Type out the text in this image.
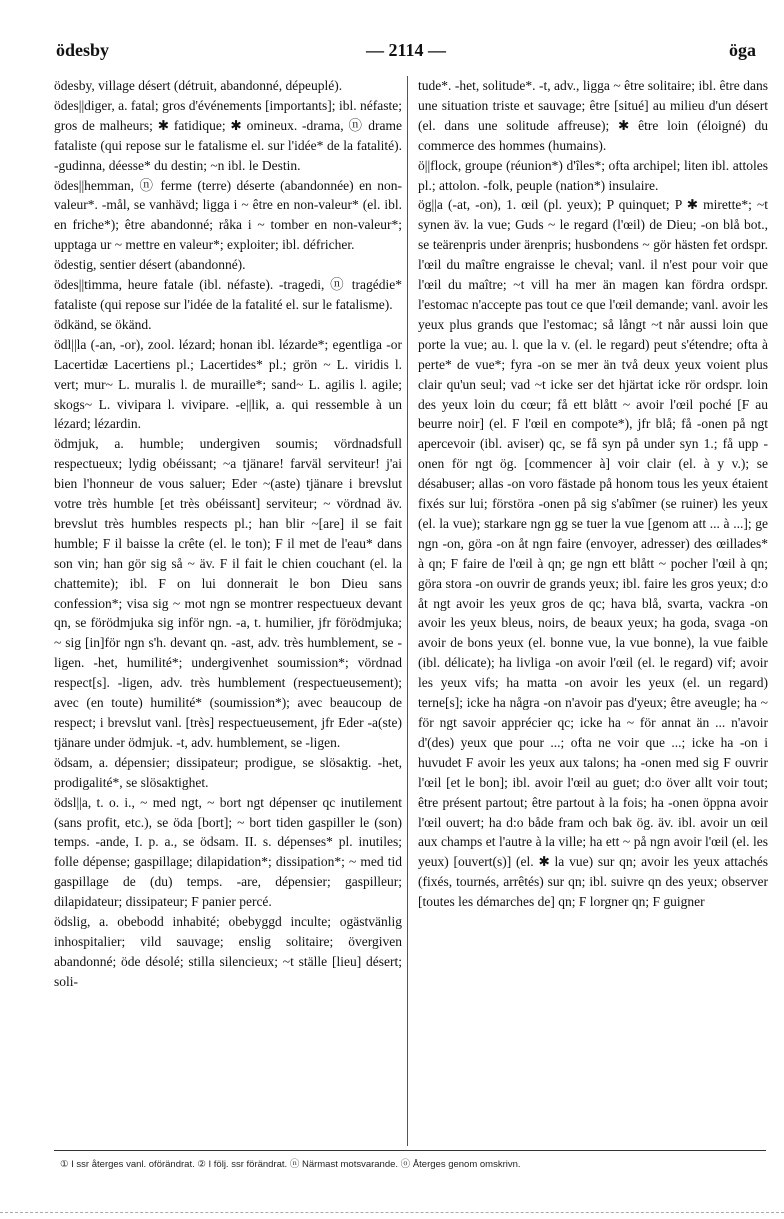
ödesby	— 2114 —	öga

ödesby, village désert (détruit, abandonné, dépeuplé).

ödes||diger, a. fatal; gros d'événements [importants]; ibl. néfaste; gros de malheurs; ✱ fatidique; ✱ omineux. -drama, ⓝ drame fataliste (qui repose sur le fatalisme el. sur l'idée* de la fatalité). -gudinna, déesse* du destin; ~n ibl. le Destin.

ödes||hemman, ⓝ ferme (terre) déserte (abandonnée) en non-valeur*. -mål, se vanhävd; ligga i ~ être en non-valeur* (el. ibl. en friche*); être abandonné; råka i ~ tomber en non-valeur*; upptaga ur ~ mettre en valeur*; exploiter; ibl. défricher.

ödestig, sentier désert (abandonné).

ödes||timma, heure fatale (ibl. néfaste). -tragedi, ⓝ tragédie* fataliste (qui repose sur l'idée de la fatalité el. sur le fatalisme).

ödkänd, se ökänd.

ödl||la (-an, -or), zool. lézard; honan ibl. lézarde*; egentliga -or Lacertidæ Lacertiens pl.; Lacertides* pl.; grön ~ L. viridis l. vert; mur~ L. muralis l. de muraille*; sand~ L. agilis l. agile; skogs~ L. vivipara l. vivipare. -e||lik, a. qui ressemble à un lézard; lézardin.

ödmjuk, a. humble; undergiven soumis; vördnadsfull respectueux; lydig obéissant; ~a tjänare! farväl serviteur! j'ai bien l'honneur de vous saluer; Eder ~(aste) tjänare i brevslut votre très humble [et très obéissant] serviteur; ~ vördnad äv. brevslut très humbles respects pl.; han blir ~[are] il se fait humble; F il baisse la crête (el. le ton); F il met de l'eau* dans son vin; han gör sig så ~ äv. F il fait le chien couchant (el. la chattemite); ibl. F on lui donnerait le bon Dieu sans confession*; visa sig ~ mot ngn se montrer respectueux devant qn, se förödmjuka sig inför ngn. -a, t. humilier, jfr förödmjuka; ~ sig [in]för ngn s'h. devant qn. -ast, adv. très humblement, se -ligen. -het, humilité*; undergivenhet soumission*; vördnad respect[s]. -ligen, adv. très humblement (respectueusement); avec (en toute) humilité* (soumission*); avec beaucoup de respect; i brevslut vanl. [très] respectueusement, jfr Eder -a(ste) tjänare under ödmjuk. -t, adv. humblement, se -ligen.

ödsam, a. dépensier; dissipateur; prodigue, se slösaktig. -het, prodigalité*, se slösaktighet.

ödsl||a, t. o. i., ~ med ngt, ~ bort ngt dépenser qc inutilement (sans profit, etc.), se öda [bort]; ~ bort tiden gaspiller le (son) temps. -ande, I. p. a., se ödsam. II. s. dépenses* pl. inutiles; folle dépense; gaspillage; dilapidation*; dissipation*; ~ med tid gaspillage de (du) temps. -are, dépensier; gaspilleur; dilapidateur; dissipateur; F panier percé.

ödslig, a. obebodd inhabité; obebyggd inculte; ogästvänlig inhospitalier; vild sauvage; enslig solitaire; övergiven abandonné; öde désolé; stilla silencieux; ~t ställe [lieu] désert; soli-

tude*. -het, solitude*. -t, adv., ligga ~ être solitaire; ibl. être dans une situation triste et sauvage; être [situé] au milieu d'un désert (el. dans une solitude affreuse); ✱ être loin (éloigné) du commerce des hommes (humains).

ö||flock, groupe (réunion*) d'îles*; ofta archipel; liten ibl. attoles pl.; attolon. -folk, peuple (nation*) insulaire.

ög||a (-at, -on), 1. œil (pl. yeux); P quinquet; P ✱ mirette*; ~t synen äv. la vue; Guds ~ le regard (l'œil) de Dieu; -on blå bot., se teärenpris under ärenpris; husbondens ~ gör hästen fet ordspr. l'œil du maître engraisse le cheval; vanl. il n'est pour voir que l'œil du maître; ~t vill ha mer än magen kan fördra ordspr. l'estomac n'accepte pas tout ce que l'œil demande; vanl. avoir les yeux plus grands que l'estomac; så långt ~t når aussi loin que porte la vue; au. l. que la v. (el. le regard) peut s'étendre; ofta à perte* de vue*; fyra -on se mer än två deux yeux voient plus clair qu'un seul; vad ~t icke ser det hjärtat icke rör ordspr. loin des yeux loin du cœur; få ett blått ~ avoir l'œil poché [F au beurre noir] (el. F l'œil en compote*), jfr blå; få -onen på ngt apercevoir (ibl. aviser) qc, se få syn på under syn 1.; få upp -onen för ngt ög. [commencer à] voir clair (el. à y v.); se désabuser; allas -on voro fästade på honom tous les yeux étaient fixés sur lui; förstöra -onen på sig s'abîmer (se ruiner) les yeux (el. la vue); starkare ngn gg se tuer la vue [genom att ... à ...]; ge ngn -on, göra -on åt ngn faire (envoyer, adresser) des œillades* à qn; F faire de l'œil à qn; ge ngn ett blått ~ pocher l'œil à qn; göra stora -on ouvrir de grands yeux; ibl. faire les gros yeux; d:o åt ngt avoir les yeux gros de qc; hava blå, svarta, vackra -on avoir les yeux bleus, noirs, de beaux yeux; ha goda, svaga -on avoir de bons yeux (el. bonne vue, la vue bonne), la vue faible (ibl. délicate); ha livliga -on avoir l'œil (el. le regard) vif; avoir les yeux vifs; ha matta -on avoir les yeux (el. un regard) terne[s]; icke ha några -on n'avoir pas d'yeux; être aveugle; ha ~ för ngt savoir apprécier qc; icke ha ~ för annat än ... n'avoir d'(des) yeux que pour ...; ofta ne voir que ...; icke ha -on i huvudet F avoir les yeux aux talons; ha -onen med sig F ouvrir l'œil [et le bon]; ibl. avoir l'œil au guet; d:o över allt voir tout; être présent partout; être partout à la fois; ha -onen öppna avoir l'œil ouvert; ha d:o både fram och bak ög. äv. ibl. avoir un œil aux champs et l'autre à la ville; ha ett ~ på ngn avoir l'œil (el. les yeux) [ouvert(s)] (el. ✱ la vue) sur qn; avoir les yeux attachés (fixés, tournés, arrêtés) sur qn; ibl. suivre qn des yeux; observer [toutes les démarches de] qn; F lorgner qn; F guigner

① I ssr återges vanl. oförändrat. ② I följ. ssr förändrat. ⓝ Närmast motsvarande. ⓞ Återges genom omskrivn.
